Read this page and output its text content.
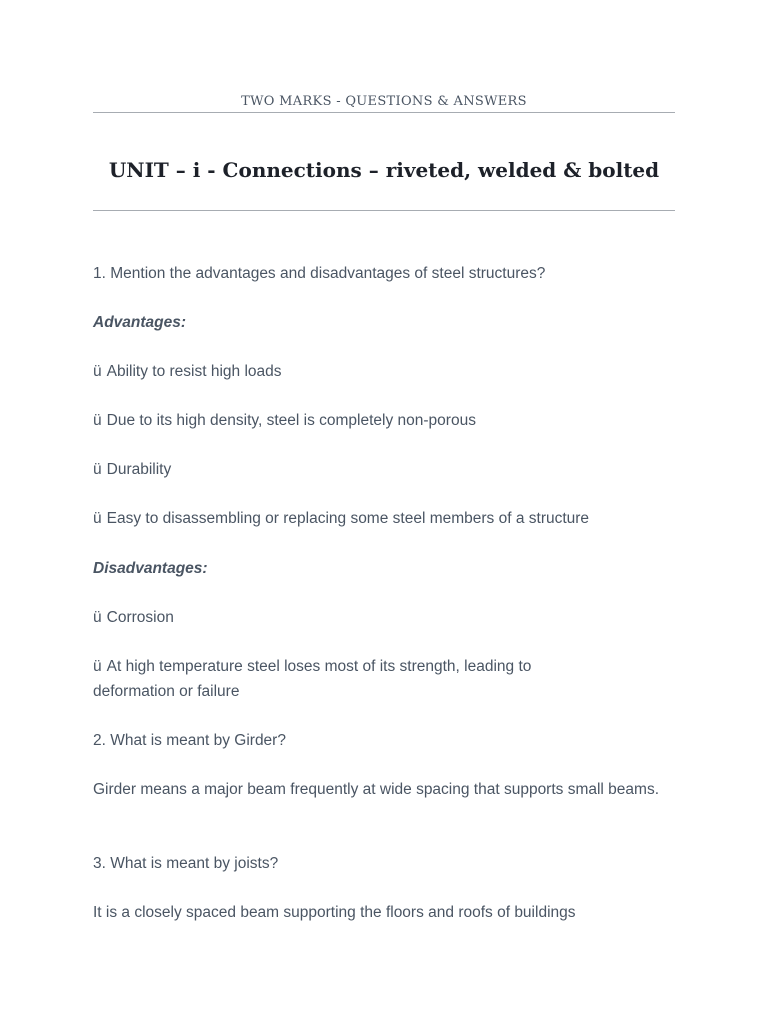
TWO MARKS - QUESTIONS & ANSWERS
UNIT – i - Connections – riveted, welded & bolted

1. Mention the advantages and disadvantages of steel structures?

Advantages:

ü Ability to resist high loads

ü Due to its high density, steel is completely non-porous

ü Durability

ü Easy to disassembling or replacing some steel members of a structure

Disadvantages:

ü Corrosion

ü At high temperature steel loses most of its strength, leading to deformation or failure

2. What is meant by Girder?

Girder means a major beam frequently at wide spacing that supports small beams.

3. What is meant by joists?

It is a closely spaced beam supporting the floors and roofs of buildings
